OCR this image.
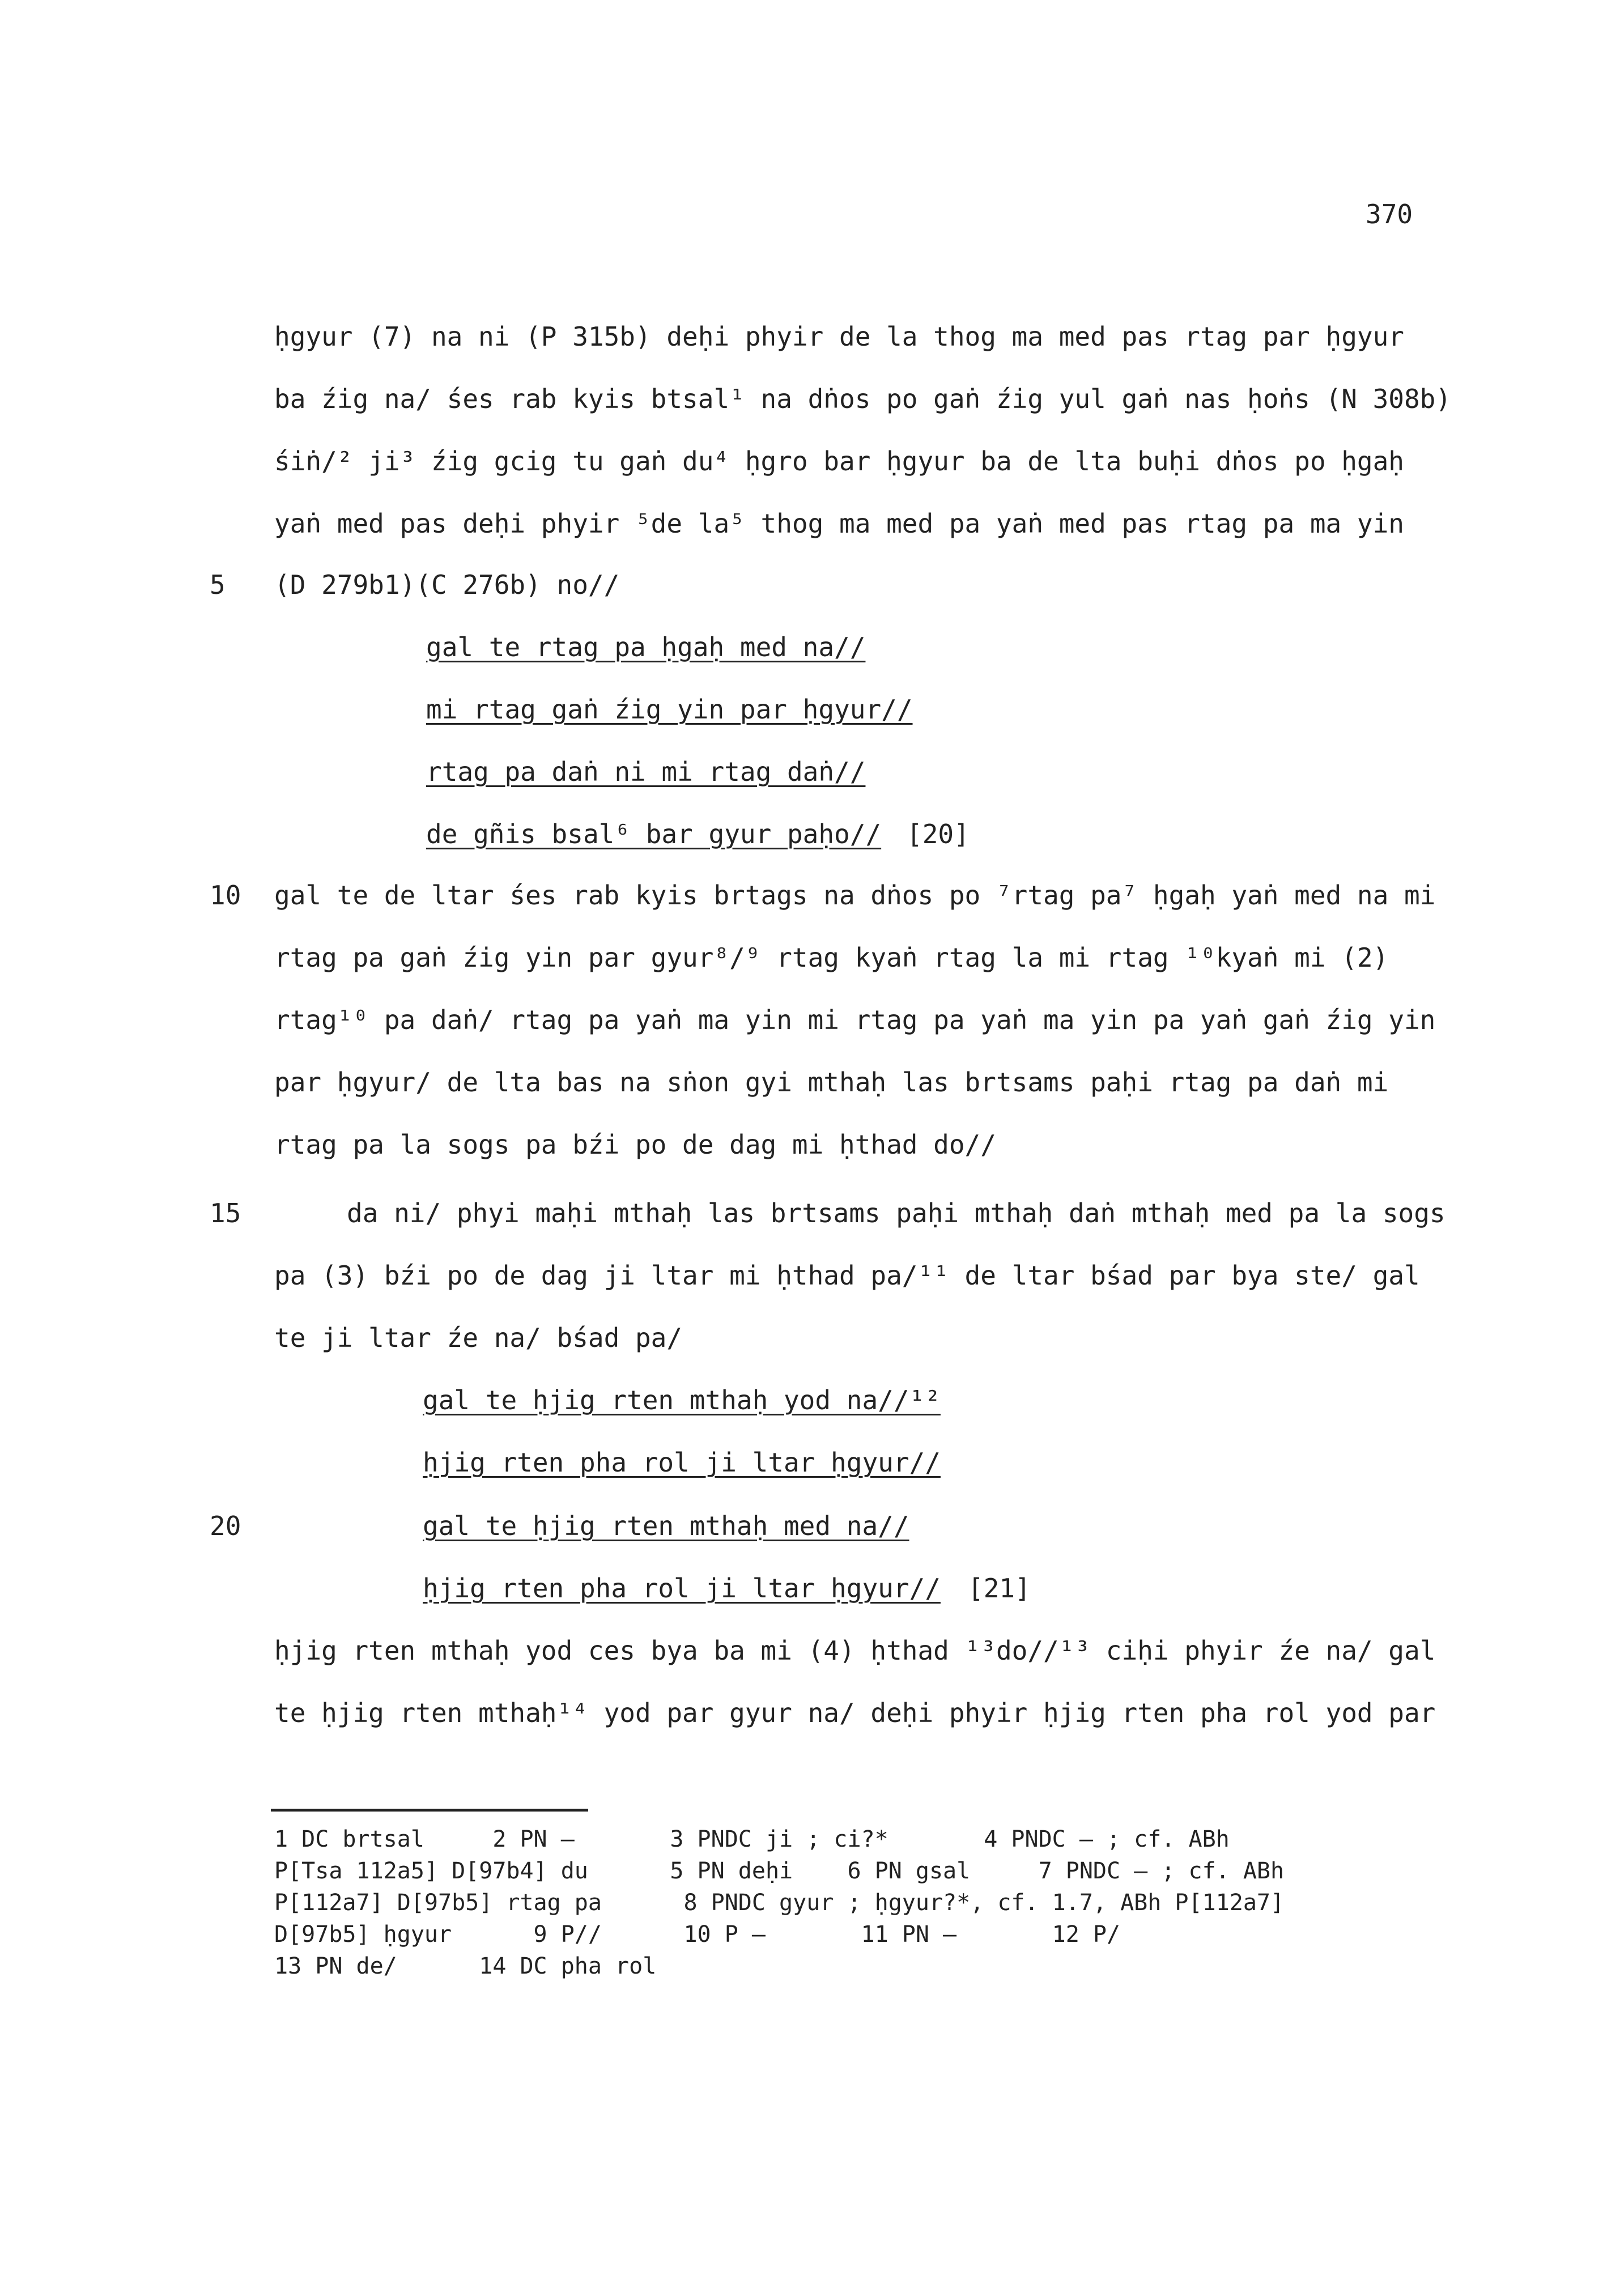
370
5
10
15
20
ḥgyur (7) na ni (P 315b) deḥi phyir de la thog ma med pas rtag par ḥgyur
ba źig na/ śes rab kyis btsal¹ na dṅos po gaṅ źig yul gaṅ nas ḥoṅs (N 308b)
śiṅ/² ji³ źig gcig tu gaṅ du⁴ ḥgro bar ḥgyur ba de lta buḥi dṅos po ḥgaḥ
yaṅ med pas deḥi phyir ⁵de la⁵ thog ma med pa yaṅ med pas rtag pa ma yin
(D 279b1)(C 276b) no//
gal te rtag pa ḥgaḥ med na//
mi rtag gaṅ źig yin par ḥgyur//
rtag pa daṅ ni mi rtag daṅ//
de gñis bsal⁶ bar gyur paḥo// [20]
gal te de ltar śes rab kyis brtags na dṅos po ⁷rtag pa⁷ ḥgaḥ yaṅ med na mi
rtag pa gaṅ źig yin par gyur⁸/⁹ rtag kyaṅ rtag la mi rtag ¹⁰kyaṅ mi (2)
rtag¹⁰ pa daṅ/ rtag pa yaṅ ma yin mi rtag pa yaṅ ma yin pa yaṅ gaṅ źig yin
par ḥgyur/ de lta bas na sṅon gyi mthaḥ las brtsams paḥi rtag pa daṅ mi
rtag pa la sogs pa bźi po de dag mi ḥthad do//
da ni/ phyi maḥi mthaḥ las brtsams paḥi mthaḥ daṅ mthaḥ med pa la sogs
pa (3) bźi po de dag ji ltar mi ḥthad pa/¹¹ de ltar bśad par bya ste/ gal
te ji ltar źe na/ bśad pa/
gal te ḥjig rten mthaḥ yod na//¹²
ḥjig rten pha rol ji ltar ḥgyur//
gal te ḥjig rten mthaḥ med na//
ḥjig rten pha rol ji ltar ḥgyur// [21]
ḥjig rten mthaḥ yod ces bya ba mi (4) ḥthad ¹³do//¹³ ciḥi phyir źe na/ gal
te ḥjig rten mthaḥ¹⁴ yod par gyur na/ deḥi phyir ḥjig rten pha rol yod par
1 DC brtsal     2 PN —       3 PNDC ji ; ci?*       4 PNDC — ; cf. ABh
P[Tsa 112a5] D[97b4] du      5 PN deḥi    6 PN gsal     7 PNDC — ; cf. ABh
P[112a7] D[97b5] rtag pa      8 PNDC gyur ; ḥgyur?*, cf. 1.7, ABh P[112a7]
D[97b5] ḥgyur      9 P//      10 P —       11 PN —       12 P/
13 PN de/      14 DC pha rol
